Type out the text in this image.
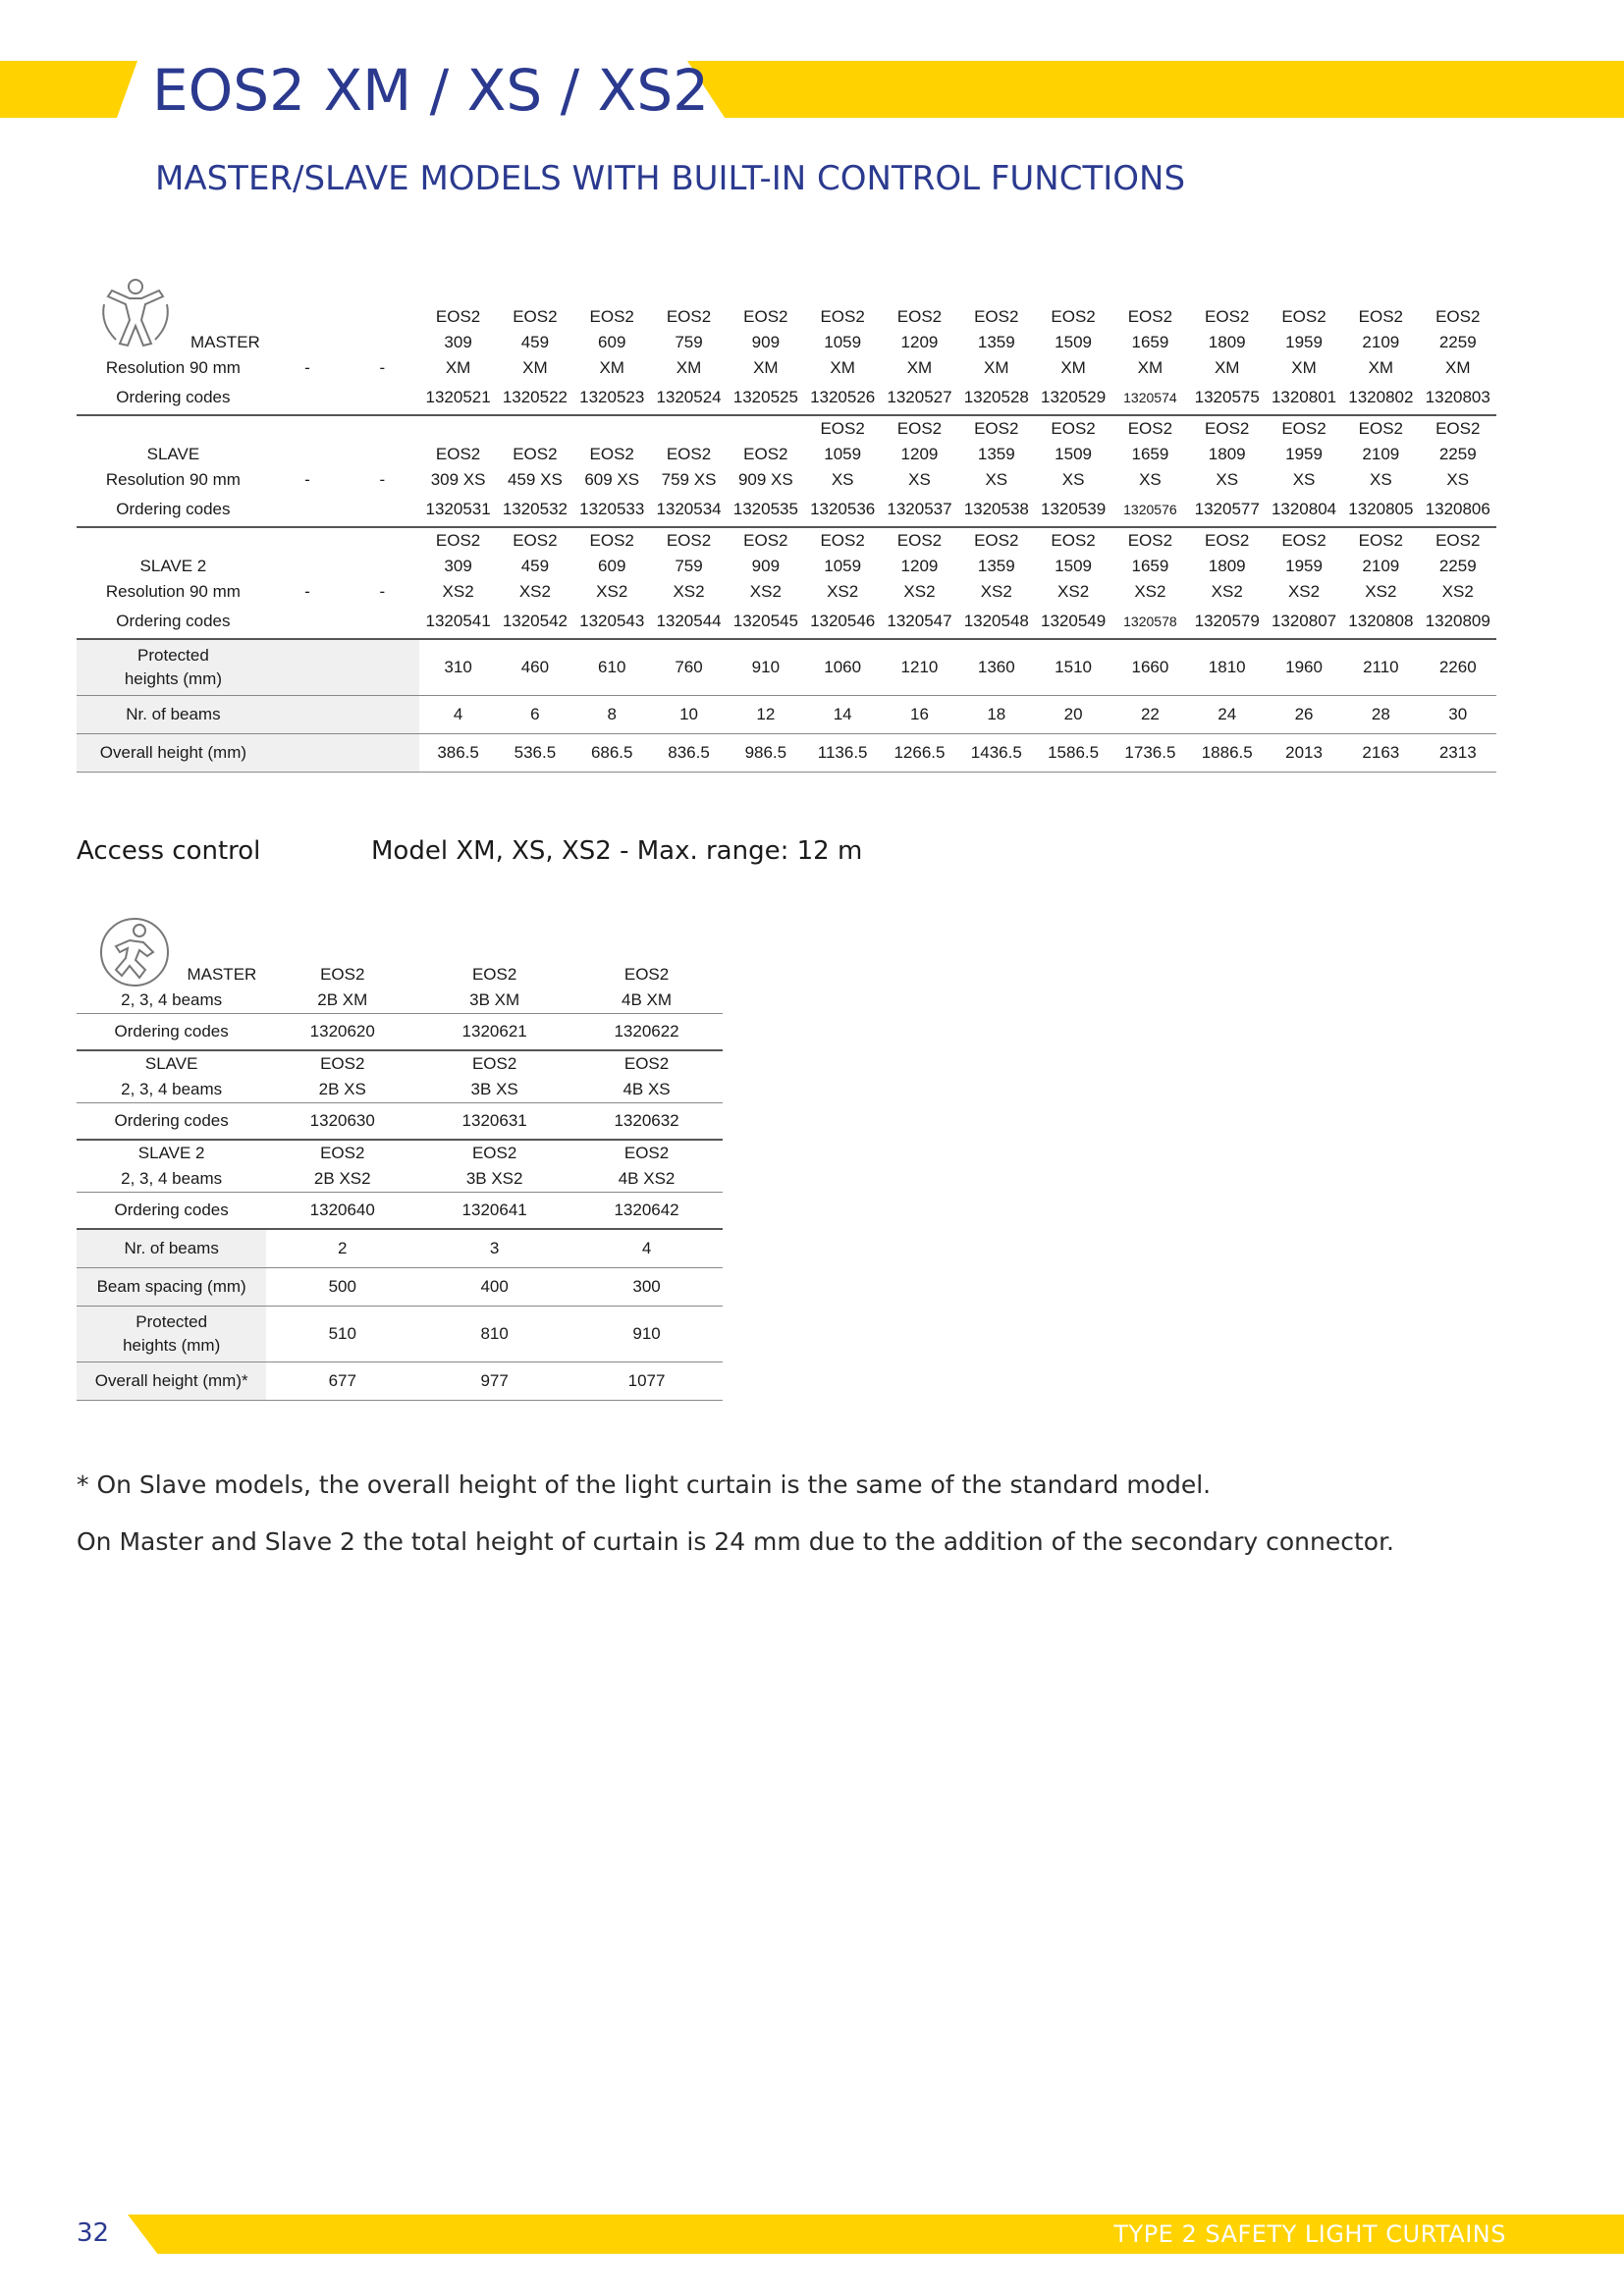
EOS2 XM / XS / XS2
MASTER/SLAVE MODELS WITH BUILT-IN CONTROL FUNCTIONS
			EOS2	EOS2	EOS2	EOS2	EOS2	EOS2	EOS2	EOS2	EOS2	EOS2	EOS2	EOS2	EOS2	EOS2
MASTER			309	459	609	759	909	1059	1209	1359	1509	1659	1809	1959	2109	2259
Resolution 90 mm	-	-	XM	XM	XM	XM	XM	XM	XM	XM	XM	XM	XM	XM	XM	XM
Ordering codes			1320521	1320522	1320523	1320524	1320525	1320526	1320527	1320528	1320529	1320574	1320575	1320801	1320802	1320803
								EOS2	EOS2	EOS2	EOS2	EOS2	EOS2	EOS2	EOS2	EOS2
SLAVE			EOS2	EOS2	EOS2	EOS2	EOS2	1059	1209	1359	1509	1659	1809	1959	2109	2259
Resolution 90 mm	-	-	309 XS	459 XS	609 XS	759 XS	909 XS	XS	XS	XS	XS	XS	XS	XS	XS	XS
Ordering codes			1320531	1320532	1320533	1320534	1320535	1320536	1320537	1320538	1320539	1320576	1320577	1320804	1320805	1320806
			EOS2	EOS2	EOS2	EOS2	EOS2	EOS2	EOS2	EOS2	EOS2	EOS2	EOS2	EOS2	EOS2	EOS2
SLAVE 2			309	459	609	759	909	1059	1209	1359	1509	1659	1809	1959	2109	2259
Resolution 90 mm	-	-	XS2	XS2	XS2	XS2	XS2	XS2	XS2	XS2	XS2	XS2	XS2	XS2	XS2	XS2
Ordering codes			1320541	1320542	1320543	1320544	1320545	1320546	1320547	1320548	1320549	1320578	1320579	1320807	1320808	1320809

Protected
heights (mm)			310	460	610	760	910	1060	1210	1360	1510	1660	1810	1960	2110	2260
Nr. of beams			4	6	8	10	12	14	16	18	20	22	24	26	28	30
Overall height (mm)			386.5	536.5	686.5	836.5	986.5	1136.5	1266.5	1436.5	1586.5	1736.5	1886.5	2013	2163	2313
Access control	Model XM, XS, XS2 - Max. range: 12 m
MASTER	EOS2	EOS2	EOS2
2, 3, 4 beams	2B XM	3B XM	4B XM
Ordering codes	1320620	1320621	1320622
SLAVE	EOS2	EOS2	EOS2
2, 3, 4 beams	2B XS	3B XS	4B XS
Ordering codes	1320630	1320631	1320632
SLAVE 2	EOS2	EOS2	EOS2
2, 3, 4 beams	2B XS2	3B XS2	4B XS2
Ordering codes	1320640	1320641	1320642
Nr. of beams	2	3	4
Beam spacing (mm)	500	400	300

Protected
heights (mm)	510	810	910
Overall height (mm)*	677	977	1077
* On Slave models, the overall height of the light curtain is the same of the standard model.
On Master and Slave 2 the total height of curtain is 24 mm due to the addition of the secondary connector.
32	TYPE 2 SAFETY LIGHT CURTAINS
